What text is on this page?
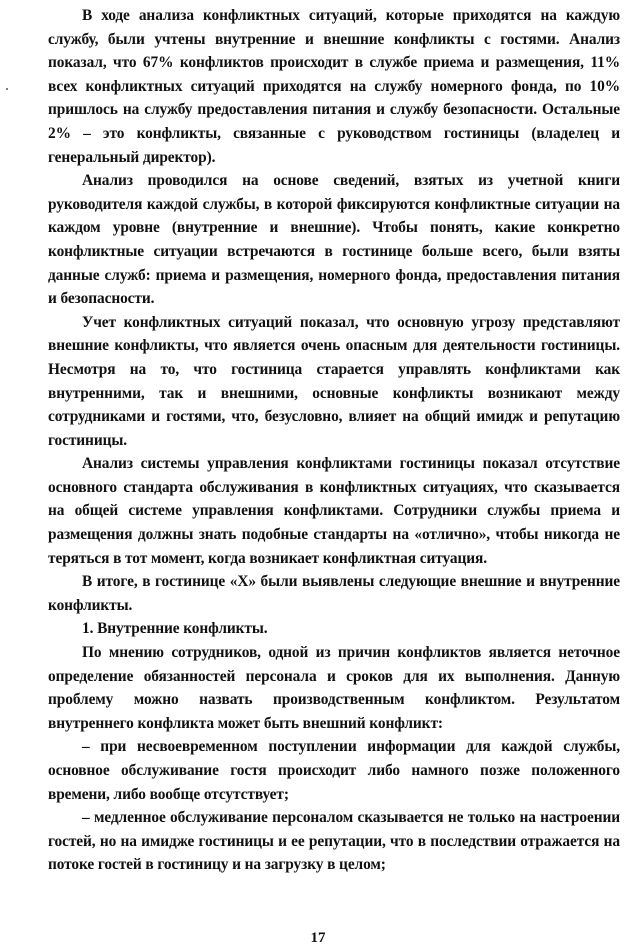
В ходе анализа конфликтных ситуаций, которые приходятся на каждую службу, были учтены внутренние и внешние конфликты с гостями. Анализ показал, что 67% конфликтов происходит в службе приема и размещения, 11% всех конфликтных ситуаций приходятся на службу номерного фонда, по 10% пришлось на службу предоставления питания и службу безопасности. Остальные 2% – это конфликты, связанные с руководством гостиницы (владелец и генеральный директор).

Анализ проводился на основе сведений, взятых из учетной книги руководителя каждой службы, в которой фиксируются конфликтные ситуации на каждом уровне (внутренние и внешние). Чтобы понять, какие конкретно конфликтные ситуации встречаются в гостинице больше всего, были взяты данные служб: приема и размещения, номерного фонда, предоставления питания и безопасности.

Учет конфликтных ситуаций показал, что основную угрозу представляют внешние конфликты, что является очень опасным для деятельности гостиницы. Несмотря на то, что гостиница старается управлять конфликтами как внутренними, так и внешними, основные конфликты возникают между сотрудниками и гостями, что, безусловно, влияет на общий имидж и репутацию гостиницы.

Анализ системы управления конфликтами гостиницы показал отсутствие основного стандарта обслуживания в конфликтных ситуациях, что сказывается на общей системе управления конфликтами. Сотрудники службы приема и размещения должны знать подобные стандарты на «отлично», чтобы никогда не теряться в тот момент, когда возникает конфликтная ситуация.

В итоге, в гостинице «Х» были выявлены следующие внешние и внутренние конфликты.

1. Внутренние конфликты.

По мнению сотрудников, одной из причин конфликтов является неточное определение обязанностей персонала и сроков для их выполнения. Данную проблему можно назвать производственным конфликтом. Результатом внутреннего конфликта может быть внешний конфликт:

– при несвоевременном поступлении информации для каждой службы, основное обслуживание гостя происходит либо намного позже положенного времени, либо вообще отсутствует;

– медленное обслуживание персоналом сказывается не только на настроении гостей, но на имидже гостиницы и ее репутации, что в последствии отражается на потоке гостей в гостиницу и на загрузку в целом;

17
